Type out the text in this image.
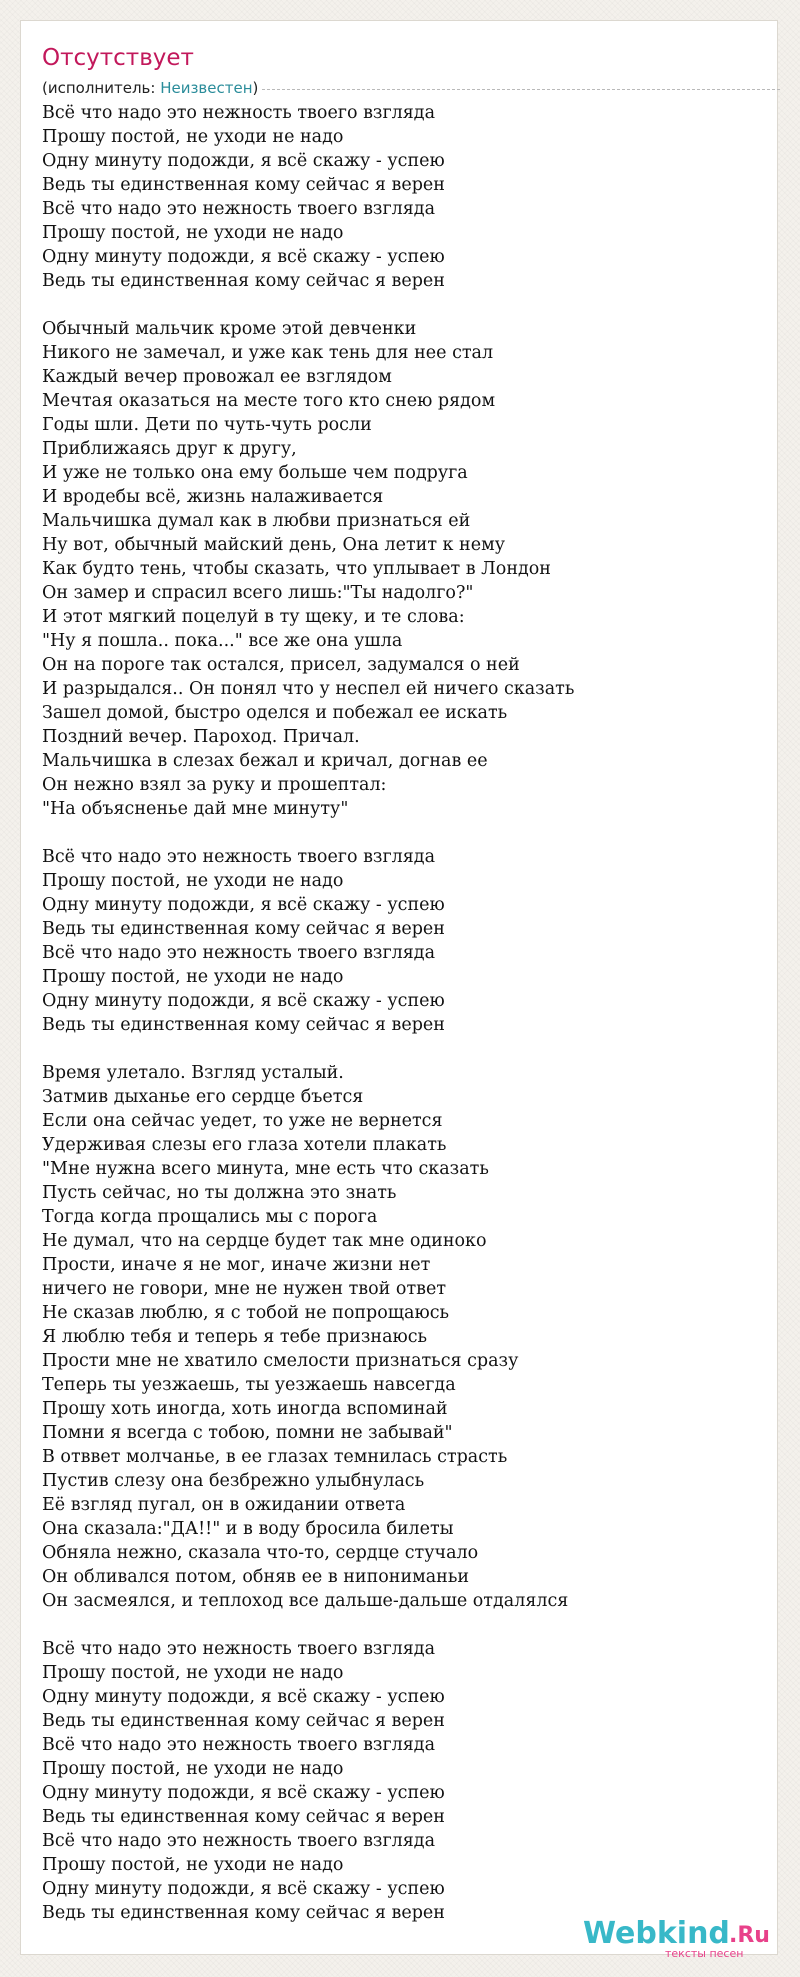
Отсутствует
(исполнитель: Неизвестен)
Всё что надо это нежность твоего взгляда
Прошу постой, не уходи не надо
Одну минуту подожди, я всё скажу - успею
Ведь ты единственная кому сейчас я верен
Всё что надо это нежность твоего взгляда
Прошу постой, не уходи не надо
Одну минуту подожди, я всё скажу - успею
Ведь ты единственная кому сейчас я верен
Обычный мальчик кроме этой девченки
Никого не замечал, и уже как тень для нее стал
Каждый вечер провожал ее взглядом
Мечтая оказаться на месте того кто снею рядом
Годы шли. Дети по чуть-чуть росли
Приближаясь друг к другу,
И уже не только она ему больше чем подруга
И вродебы всё, жизнь налаживается
Мальчишка думал как в любви признаться ей
Ну вот, обычный майский день, Она летит к нему
Как будто тень, чтобы сказать, что уплывает в Лондон
Он замер и спрасил всего лишь:"Ты надолго?"
И этот мягкий поцелуй в ту щеку, и те слова:
"Ну я пошла.. пока..." все же она ушла
Он на пороге так остался, присел, задумался о ней
И разрыдался.. Он понял что у неспел ей ничего сказать
Зашел домой, быстро оделся и побежал ее искать
Поздний вечер. Пароход. Причал.
Мальчишка в слезах бежал и кричал, догнав ее
Он нежно взял за руку и прошептал:
"На объясненье дай мне минуту"
Всё что надо это нежность твоего взгляда
Прошу постой, не уходи не надо
Одну минуту подожди, я всё скажу - успею
Ведь ты единственная кому сейчас я верен
Всё что надо это нежность твоего взгляда
Прошу постой, не уходи не надо
Одну минуту подожди, я всё скажу - успею
Ведь ты единственная кому сейчас я верен
Время улетало. Взгляд усталый.
Затмив дыханье его сердце бъется
Если она сейчас уедет, то уже не вернется
Удерживая слезы его глаза хотели плакать
"Мне нужна всего минута, мне есть что сказать
Пусть сейчас, но ты должна это знать
Тогда когда прощались мы с порога
Не думал, что на сердце будет так мне одиноко
Прости, иначе я не мог, иначе жизни нет
ничего не говори, мне не нужен твой ответ
Не сказав люблю, я с тобой не попрощаюсь
Я люблю тебя и теперь я тебе признаюсь
Прости мне не хватило смелости признаться сразу
Теперь ты уезжаешь, ты уезжаешь навсегда
Прошу хоть иногда, хоть иногда вспоминай
Помни я всегда с тобою, помни не забывай"
В отввет молчанье, в ее глазах темнилась страсть
Пустив слезу она безбрежно улыбнулась
Её взгляд пугал, он в ожидании ответа
Она сказала:"ДА!!" и в воду бросила билеты
Обняла нежно, сказала что-то, сердце стучало
Он обливался потом, обняв ее в нипониманьи
Он засмеялся, и теплоход все дальше-дальше отдалялся
Всё что надо это нежность твоего взгляда
Прошу постой, не уходи не надо
Одну минуту подожди, я всё скажу - успею
Ведь ты единственная кому сейчас я верен
Всё что надо это нежность твоего взгляда
Прошу постой, не уходи не надо
Одну минуту подожди, я всё скажу - успею
Ведь ты единственная кому сейчас я верен
Всё что надо это нежность твоего взгляда
Прошу постой, не уходи не надо
Одну минуту подожди, я всё скажу - успею
Ведь ты единственная кому сейчас я верен
Webkind .Ru
тексты песен
